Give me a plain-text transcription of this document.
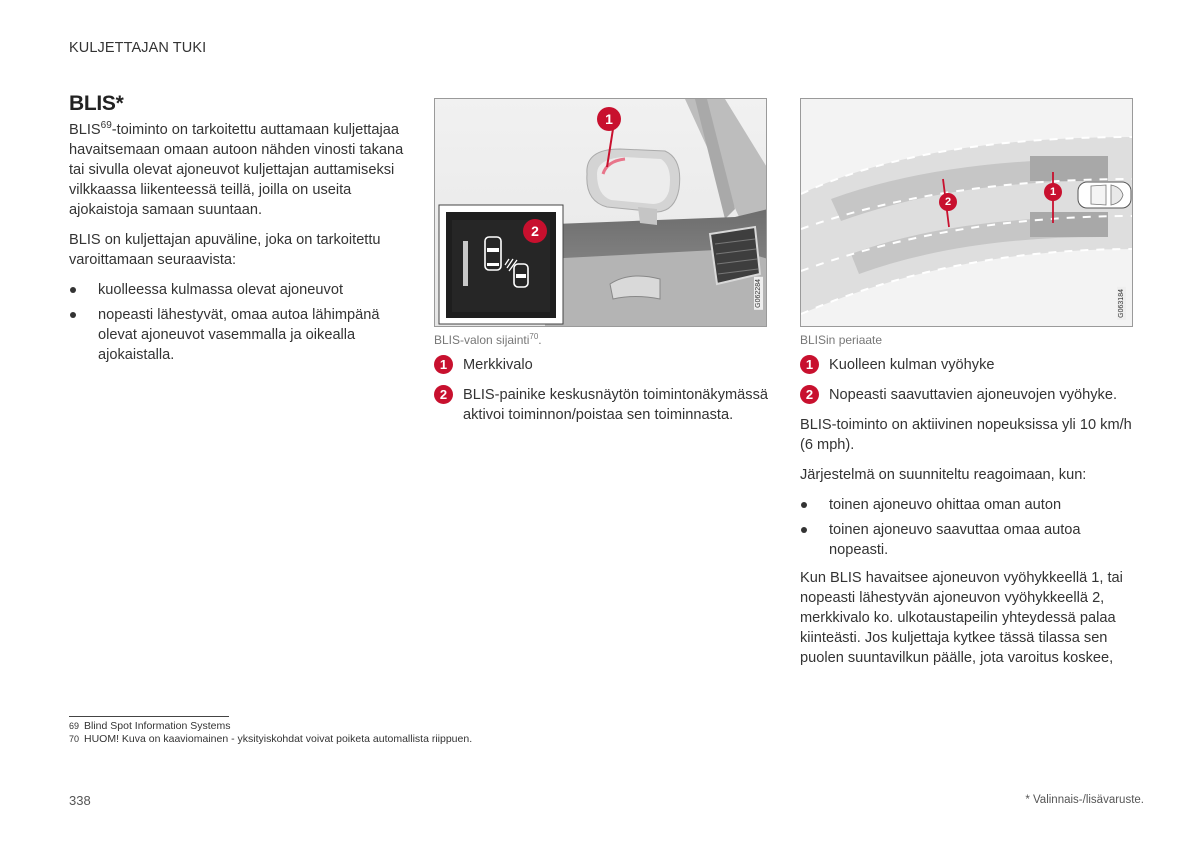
KULJETTAJAN TUKI
BLIS*

BLIS$^{69}$-toiminto on tarkoitettu auttamaan kuljettajaa havaitsemaan omaan autoon nähden vinosti takana tai sivulla olevat ajoneuvot kuljettajan auttamiseksi vilkkaassa liikenteessä teillä, joilla on useita ajokaistoja samaan suuntaan.

BLIS on kuljettajan apuväline, joka on tarkoitettu varoittamaan seuraavista:

kuolleessa kulmassa olevat ajoneuvot
nopeasti lähestyvät, omaa autoa lähimpänä olevat ajoneuvot vasemmalla ja oikealla ajokaistalla.
1
2
G062284
BLIS-valon sijainti$^{70}$.
1	Merkkivalo
2	BLIS-painike keskusnäytön toimintonäkymässä aktivoi toiminnon/poistaa sen toiminnasta.
2
1
G063184
BLISin periaate
1	Kuolleen kulman vyöhyke
2	Nopeasti saavuttavien ajoneuvojen vyöhyke.

BLIS-toiminto on aktiivinen nopeuksissa yli 10 km/h (6 mph).

Järjestelmä on suunniteltu reagoimaan, kun:

toinen ajoneuvo ohittaa oman auton
toinen ajoneuvo saavuttaa omaa autoa nopeasti.

Kun BLIS havaitsee ajoneuvon vyöhykkeellä 1, tai nopeasti lähestyvän ajoneuvon vyöhykkeellä 2, merkkivalo ko. ulkotaustapeilin yhteydessä palaa kiinteästi. Jos kuljettaja kytkee tässä tilassa sen puolen suuntavilkun päälle, jota varoitus koskee,

69 Blind Spot Information Systems
70 HUOM! Kuva on kaaviomainen - yksityiskohdat voivat poiketa automallista riippuen.
338	* Valinnais-/lisävaruste.
